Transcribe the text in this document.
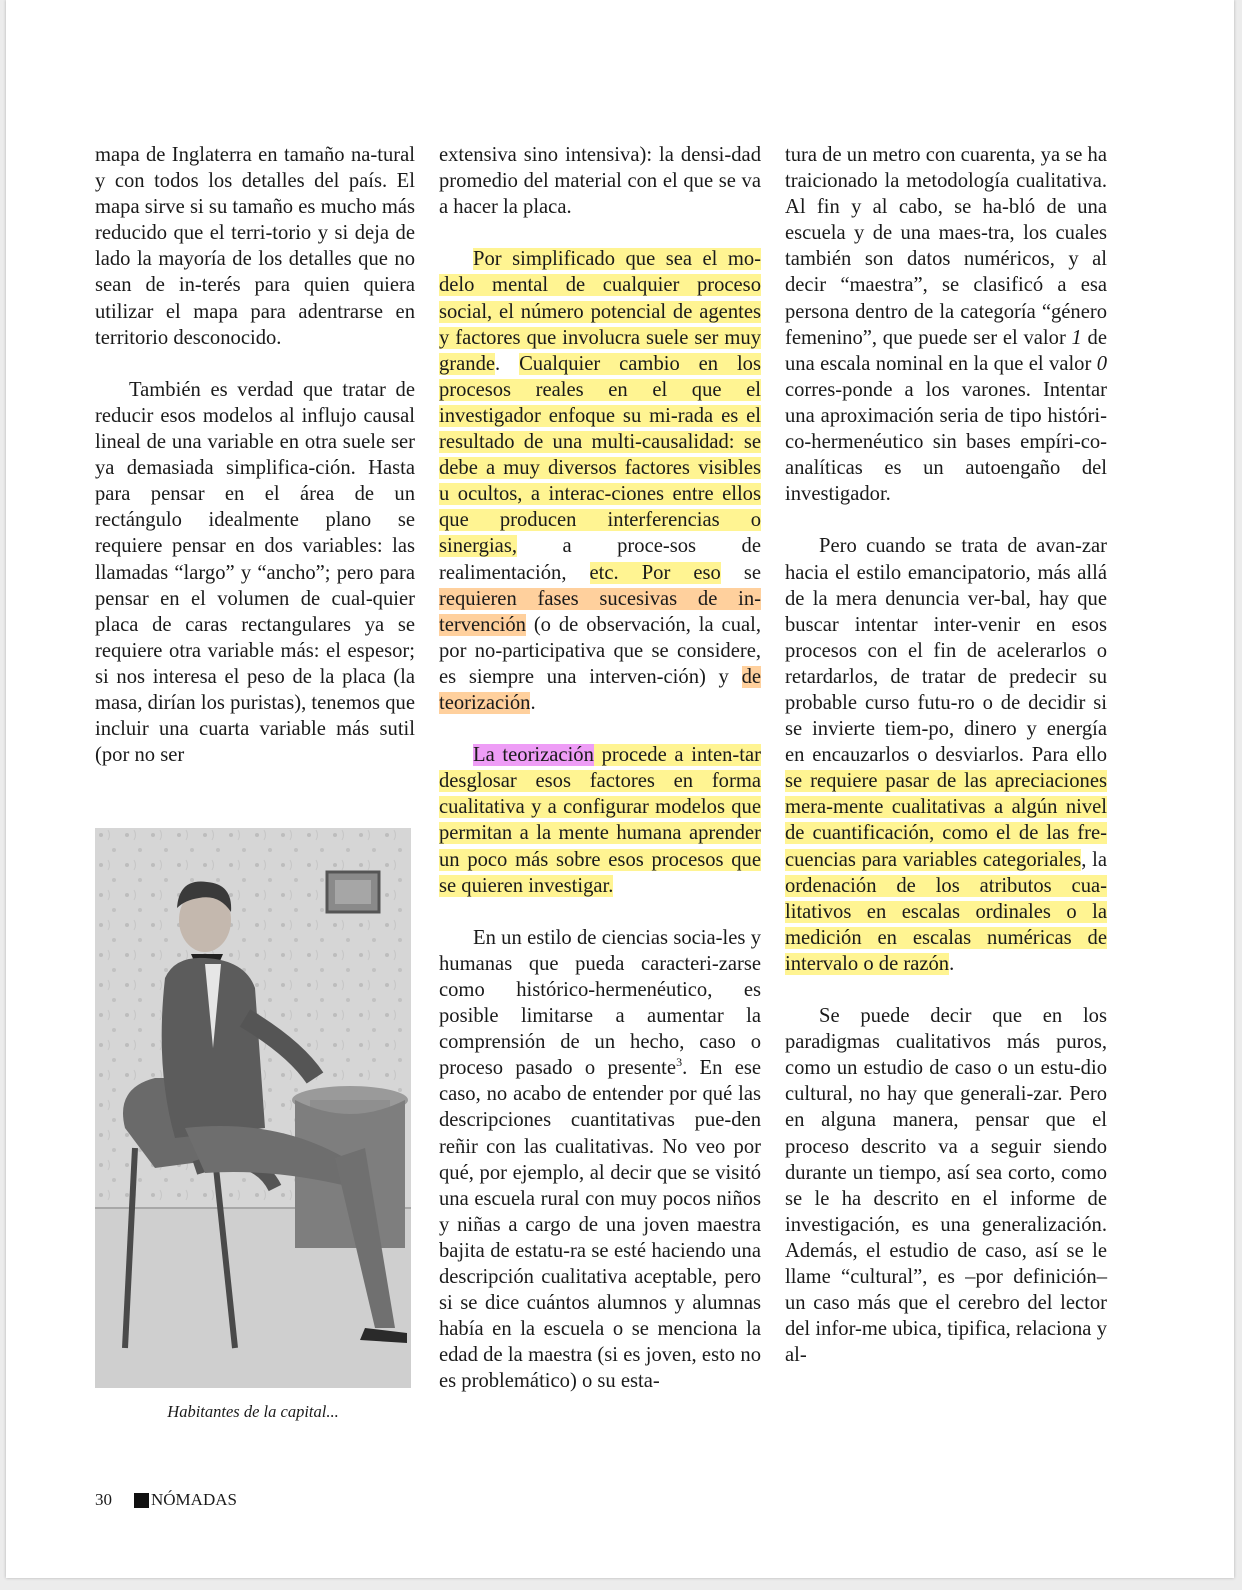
mapa de Inglaterra en tamaño na-tural y con todos los detalles del país. El mapa sirve si su tamaño es mucho más reducido que el terri-torio y si deja de lado la mayoría de los detalles que no sean de in-terés para quien quiera utilizar el mapa para adentrarse en territorio desconocido.

También es verdad que tratar de reducir esos modelos al influjo causal lineal de una variable en otra suele ser ya demasiada simplifica-ción. Hasta para pensar en el área de un rectángulo idealmente plano se requiere pensar en dos variables: las llamadas “largo” y “ancho”; pero para pensar en el volumen de cual-quier placa de caras rectangulares ya se requiere otra variable más: el espesor; si nos interesa el peso de la placa (la masa, dirían los puristas), tenemos que incluir una cuarta variable más sutil (por no ser

Habitantes de la capital...

extensiva sino intensiva): la densi-dad promedio del material con el que se va a hacer la placa.

Por simplificado que sea el mo-delo mental de cualquier proceso social, el número potencial de agentes y factores que involucra suele ser muy grande. Cualquier cambio en los procesos reales en el que el investigador enfoque su mi-rada es el resultado de una multi-causalidad: se debe a muy diversos factores visibles u ocultos, a interac-ciones entre ellos que producen interferencias o sinergias, a proce-sos de realimentación, etc. Por eso se requieren fases sucesivas de in-tervención (o de observación, la cual, por no-participativa que se considere, es siempre una interven-ción) y de teorización.

La teorización procede a inten-tar desglosar esos factores en forma cualitativa y a configurar modelos que permitan a la mente humana aprender un poco más sobre esos procesos que se quieren investigar.

En un estilo de ciencias socia-les y humanas que pueda caracteri-zarse como histórico-hermenéutico, es posible limitarse a aumentar la comprensión de un hecho, caso o proceso pasado o presente$^3$. En ese caso, no acabo de entender por qué las descripciones cuantitativas pue-den reñir con las cualitativas. No veo por qué, por ejemplo, al decir que se visitó una escuela rural con muy pocos niños y niñas a cargo de una joven maestra bajita de estatu-ra se esté haciendo una descripción cualitativa aceptable, pero si se dice cuántos alumnos y alumnas había en la escuela o se menciona la edad de la maestra (si es joven, esto no es problemático) o su esta-

tura de un metro con cuarenta, ya se ha traicionado la metodología cualitativa. Al fin y al cabo, se ha-bló de una escuela y de una maes-tra, los cuales también son datos numéricos, y al decir “maestra”, se clasificó a esa persona dentro de la categoría “género femenino”, que puede ser el valor 1 de una escala nominal en la que el valor 0 corres-ponde a los varones. Intentar una aproximación seria de tipo históri-co-hermenéutico sin bases empíri-co-analíticas es un autoengaño del investigador.

Pero cuando se trata de avan-zar hacia el estilo emancipatorio, más allá de la mera denuncia ver-bal, hay que buscar intentar inter-venir en esos procesos con el fin de acelerarlos o retardarlos, de tratar de predecir su probable curso futu-ro o de decidir si se invierte tiem-po, dinero y energía en encauzarlos o desviarlos. Para ello se requiere pasar de las apreciaciones mera-mente cualitativas a algún nivel de cuantificación, como el de las fre-cuencias para variables categoriales, la ordenación de los atributos cua-litativos en escalas ordinales o la medición en escalas numéricas de intervalo o de razón.

Se puede decir que en los paradigmas cualitativos más puros, como un estudio de caso o un estu-dio cultural, no hay que generali-zar. Pero en alguna manera, pensar que el proceso descrito va a seguir siendo durante un tiempo, así sea corto, como se le ha descrito en el informe de investigación, es una generalización. Además, el estudio de caso, así se le llame “cultural”, es –por definición– un caso más que el cerebro del lector del infor-me ubica, tipifica, relaciona y al-

30 NÓMADAS
